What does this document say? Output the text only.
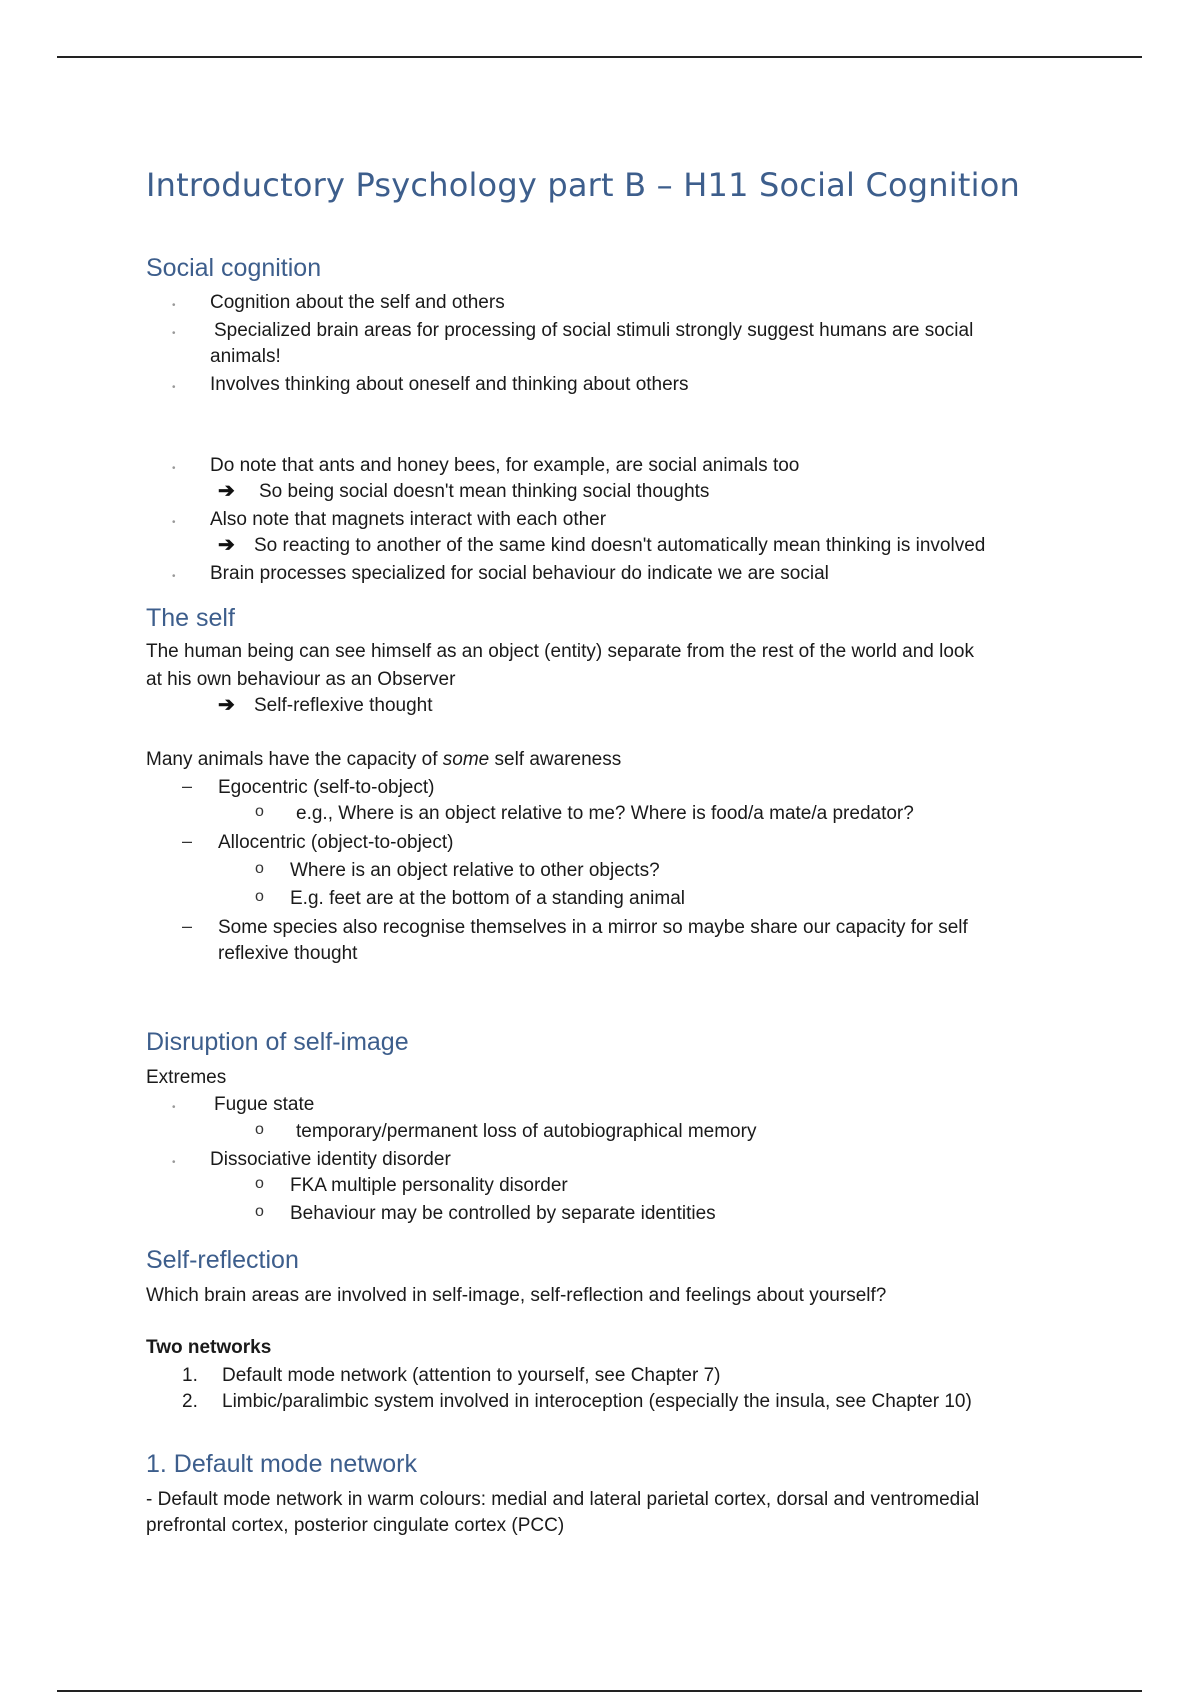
Introductory Psychology part B – H11 Social Cognition
Social cognition
• Cognition about the self and others
• Specialized brain areas for processing of social stimuli strongly suggest humans are social
animals!
• Involves thinking about oneself and thinking about others
• Do note that ants and honey bees, for example, are social animals too
➔ So being social doesn't mean thinking social thoughts
• Also note that magnets interact with each other
➔ So reacting to another of the same kind doesn't automatically mean thinking is involved
• Brain processes specialized for social behaviour do indicate we are social
The self
The human being can see himself as an object (entity) separate from the rest of the world and look
at his own behaviour as an Observer
➔ Self-reflexive thought
Many animals have the capacity of some self awareness
– Egocentric (self-to-object)
o e.g., Where is an object relative to me? Where is food/a mate/a predator?
– Allocentric (object-to-object)
o Where is an object relative to other objects?
o E.g. feet are at the bottom of a standing animal
– Some species also recognise themselves in a mirror so maybe share our capacity for self
reflexive thought
Disruption of self-image
Extremes
• Fugue state
o temporary/permanent loss of autobiographical memory
• Dissociative identity disorder
o FKA multiple personality disorder
o Behaviour may be controlled by separate identities
Self-reflection
Which brain areas are involved in self-image, self-reflection and feelings about yourself?
Two networks
1. Default mode network (attention to yourself, see Chapter 7)
2. Limbic/paralimbic system involved in interoception (especially the insula, see Chapter 10)
1. Default mode network
- Default mode network in warm colours: medial and lateral parietal cortex, dorsal and ventromedial
prefrontal cortex, posterior cingulate cortex (PCC)
